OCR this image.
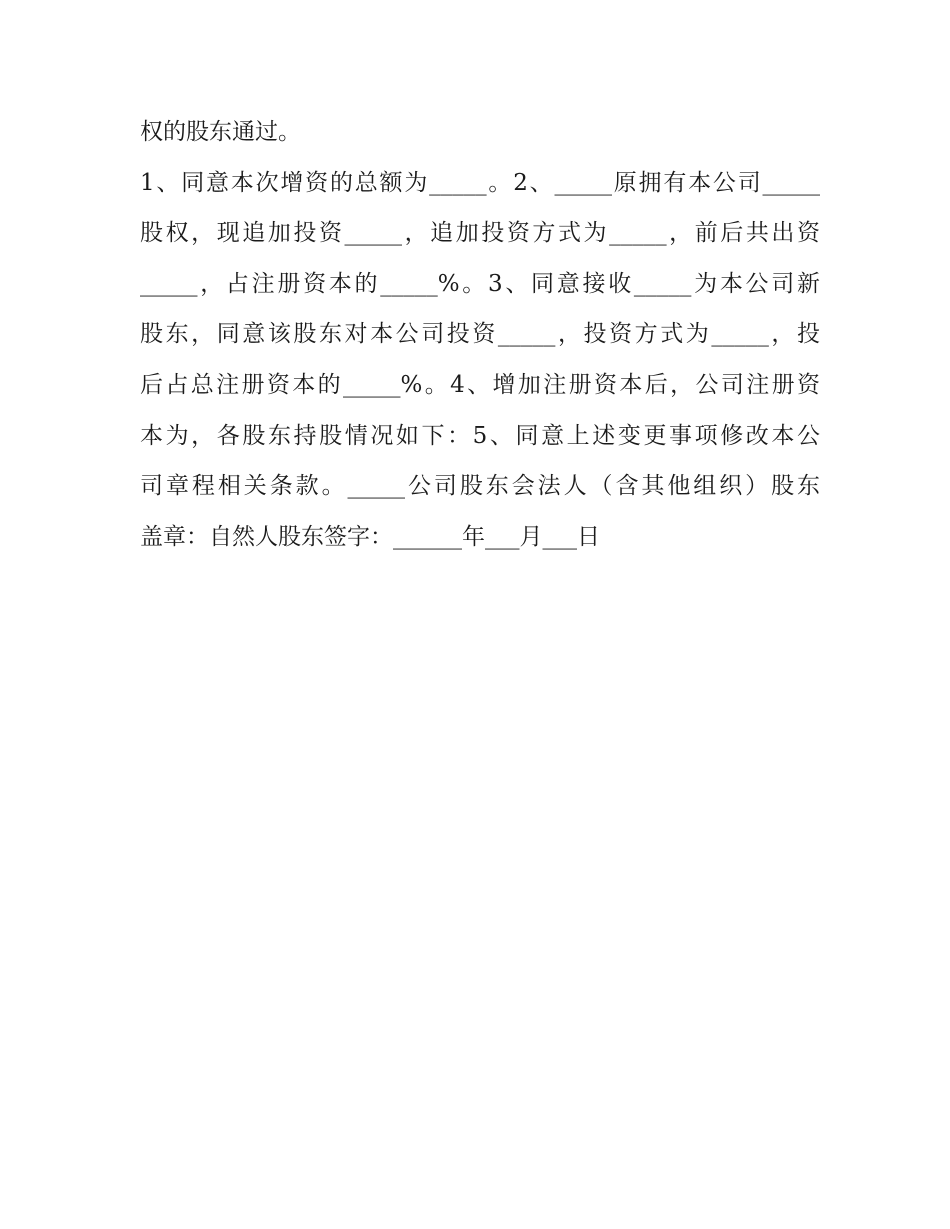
权的股东通过。
1、同意本次增资的总额为_____。2、_____原拥有本公司_____
股权，现追加投资_____，追加投资方式为_____，前后共出资
_____，占注册资本的_____%。3、同意接收_____为本公司新
股东，同意该股东对本公司投资_____，投资方式为_____，投
后占总注册资本的_____%。4、增加注册资本后，公司注册资
本为，各股东持股情况如下：5、同意上述变更事项修改本公
司章程相关条款。_____公司股东会法人（含其他组织）股东
盖章：自然人股东签字：______年___月___日
